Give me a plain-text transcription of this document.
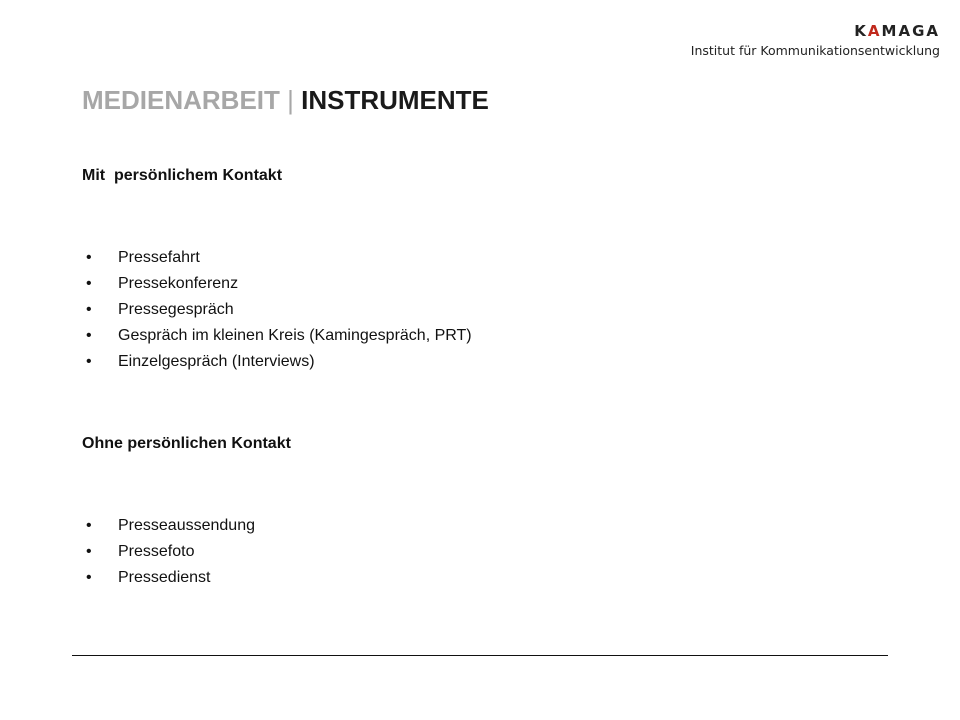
KAMAGA
Institut für Kommunikationsentwicklung
MEDIENARBEIT | INSTRUMENTE
Mit  persönlichem Kontakt
• Pressefahrt
• Pressekonferenz
• Pressegespräch
• Gespräch im kleinen Kreis (Kamingespräch, PRT)
• Einzelgespräch (Interviews)
Ohne persönlichen Kontakt
• Presseaussendung
• Pressefoto
• Pressedienst
